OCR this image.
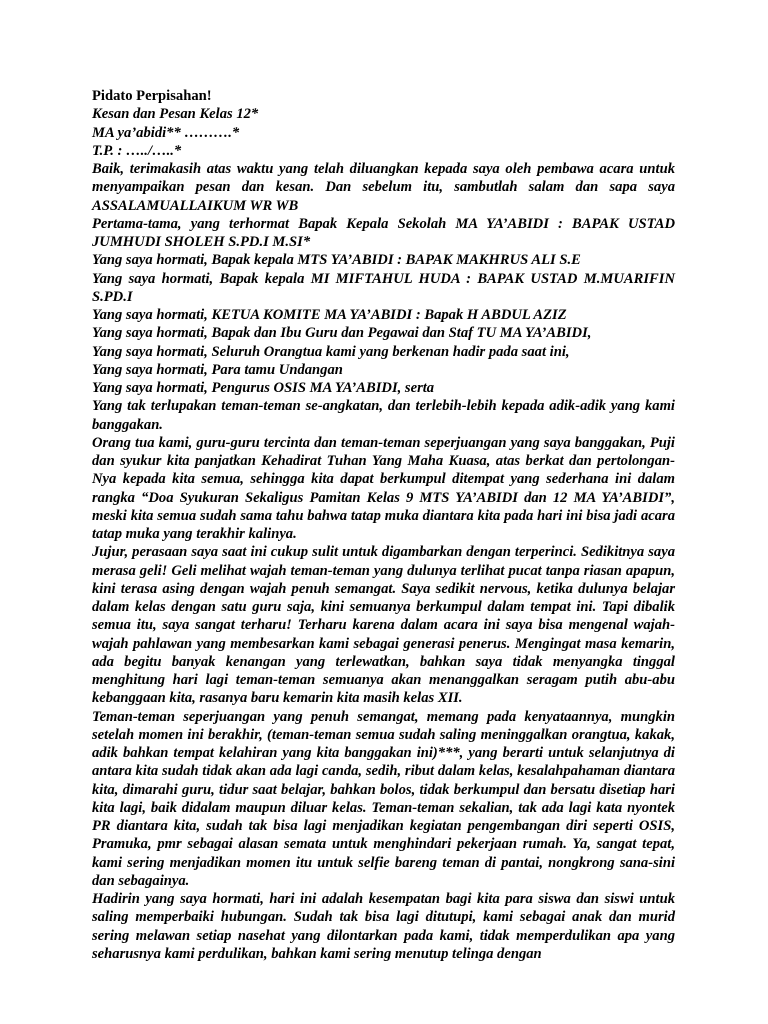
Pidato Perpisahan!

Kesan dan Pesan Kelas 12*

MA ya’abidi** ……….*

T.P. : …../…..*

Baik, terimakasih atas waktu yang telah diluangkan kepada saya oleh pembawa acara untuk menyampaikan pesan dan kesan. Dan sebelum itu, sambutlah salam dan sapa saya ASSALAMUALLAIKUM WR WB

Pertama-tama, yang terhormat Bapak Kepala Sekolah MA YA’ABIDI : BAPAK USTAD JUMHUDI SHOLEH S.PD.I M.SI*

Yang saya hormati, Bapak kepala MTS YA’ABIDI : BAPAK MAKHRUS ALI S.E

Yang saya hormati, Bapak kepala MI MIFTAHUL HUDA : BAPAK USTAD M.MUARIFIN S.PD.I

Yang saya hormati, KETUA KOMITE MA YA’ABIDI : Bapak H ABDUL AZIZ

Yang saya hormati, Bapak dan Ibu Guru dan Pegawai dan Staf TU MA YA’ABIDI,

Yang saya hormati, Seluruh Orangtua kami yang berkenan hadir pada saat ini,

Yang saya hormati, Para tamu Undangan

Yang saya hormati, Pengurus OSIS MA YA’ABIDI, serta

Yang tak terlupakan teman-teman se-angkatan, dan terlebih-lebih kepada adik-adik yang kami banggakan.

Orang tua kami, guru-guru tercinta dan teman-teman seperjuangan yang saya banggakan, Puji dan syukur kita panjatkan Kehadirat Tuhan Yang Maha Kuasa, atas berkat dan pertolongan-Nya kepada kita semua, sehingga kita dapat berkumpul ditempat yang sederhana ini dalam rangka “Doa Syukuran Sekaligus Pamitan Kelas 9 MTS YA’ABIDI dan 12 MA YA’ABIDI”, meski kita semua sudah sama tahu bahwa tatap muka diantara kita pada hari ini bisa jadi acara tatap muka yang terakhir kalinya.

Jujur, perasaan saya saat ini cukup sulit untuk digambarkan dengan terperinci. Sedikitnya saya merasa geli! Geli melihat wajah teman-teman yang dulunya terlihat pucat tanpa riasan apapun, kini terasa asing dengan wajah penuh semangat. Saya sedikit nervous, ketika dulunya belajar dalam kelas dengan satu guru saja, kini semuanya berkumpul dalam tempat ini. Tapi dibalik semua itu, saya sangat terharu! Terharu karena dalam acara ini saya bisa mengenal wajah-wajah pahlawan yang membesarkan kami sebagai generasi penerus. Mengingat masa kemarin, ada begitu banyak kenangan yang terlewatkan, bahkan saya tidak menyangka tinggal menghitung hari lagi teman-teman semuanya akan menanggalkan seragam putih abu-abu kebanggaan kita, rasanya baru kemarin kita masih kelas XII.

Teman-teman seperjuangan yang penuh semangat, memang pada kenyataannya, mungkin setelah momen ini berakhir, (teman-teman semua sudah saling meninggalkan orangtua, kakak, adik bahkan tempat kelahiran yang kita banggakan ini)***, yang berarti untuk selanjutnya di antara kita sudah tidak akan ada lagi canda, sedih, ribut dalam kelas, kesalahpahaman diantara kita, dimarahi guru, tidur saat belajar, bahkan bolos, tidak berkumpul dan bersatu disetiap hari kita lagi, baik didalam maupun diluar kelas. Teman-teman sekalian, tak ada lagi kata nyontek PR diantara kita, sudah tak bisa lagi menjadikan kegiatan pengembangan diri seperti OSIS, Pramuka, pmr sebagai alasan semata untuk menghindari pekerjaan rumah. Ya, sangat tepat, kami sering menjadikan momen itu untuk selfie bareng teman di pantai, nongkrong sana-sini dan sebagainya.

Hadirin yang saya hormati, hari ini adalah kesempatan bagi kita para siswa dan siswi untuk saling memperbaiki hubungan. Sudah tak bisa lagi ditutupi, kami sebagai anak dan murid sering melawan setiap nasehat yang dilontarkan pada kami, tidak memperdulikan apa yang seharusnya kami perdulikan, bahkan kami sering menutup telinga dengan
